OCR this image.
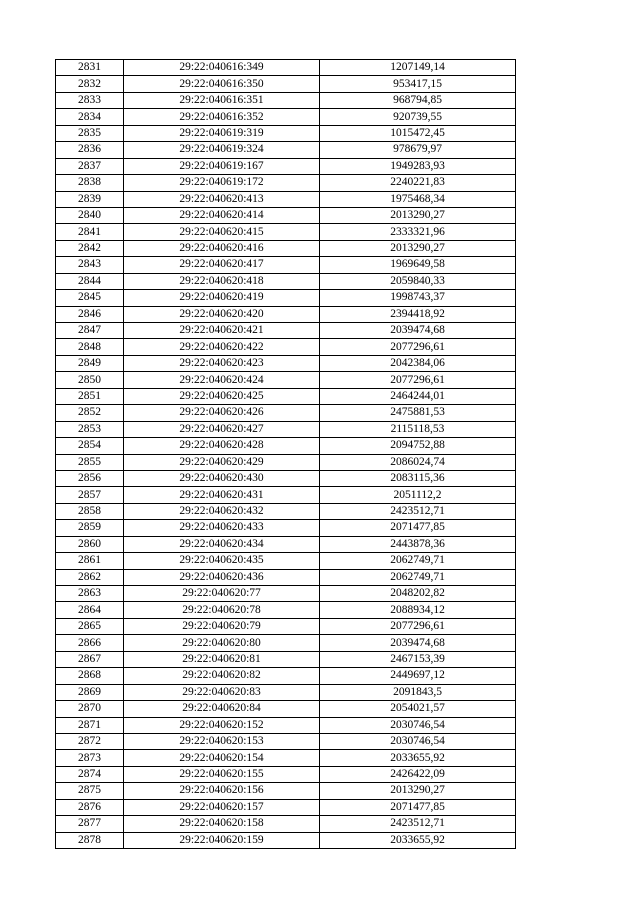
2831	29:22:040616:349	1207149,14
2832	29:22:040616:350	953417,15
2833	29:22:040616:351	968794,85
2834	29:22:040616:352	920739,55
2835	29:22:040619:319	1015472,45
2836	29:22:040619:324	978679,97
2837	29:22:040619:167	1949283,93
2838	29:22:040619:172	2240221,83
2839	29:22:040620:413	1975468,34
2840	29:22:040620:414	2013290,27
2841	29:22:040620:415	2333321,96
2842	29:22:040620:416	2013290,27
2843	29:22:040620:417	1969649,58
2844	29:22:040620:418	2059840,33
2845	29:22:040620:419	1998743,37
2846	29:22:040620:420	2394418,92
2847	29:22:040620:421	2039474,68
2848	29:22:040620:422	2077296,61
2849	29:22:040620:423	2042384,06
2850	29:22:040620:424	2077296,61
2851	29:22:040620:425	2464244,01
2852	29:22:040620:426	2475881,53
2853	29:22:040620:427	2115118,53
2854	29:22:040620:428	2094752,88
2855	29:22:040620:429	2086024,74
2856	29:22:040620:430	2083115,36
2857	29:22:040620:431	2051112,2
2858	29:22:040620:432	2423512,71
2859	29:22:040620:433	2071477,85
2860	29:22:040620:434	2443878,36
2861	29:22:040620:435	2062749,71
2862	29:22:040620:436	2062749,71
2863	29:22:040620:77	2048202,82
2864	29:22:040620:78	2088934,12
2865	29:22:040620:79	2077296,61
2866	29:22:040620:80	2039474,68
2867	29:22:040620:81	2467153,39
2868	29:22:040620:82	2449697,12
2869	29:22:040620:83	2091843,5
2870	29:22:040620:84	2054021,57
2871	29:22:040620:152	2030746,54
2872	29:22:040620:153	2030746,54
2873	29:22:040620:154	2033655,92
2874	29:22:040620:155	2426422,09
2875	29:22:040620:156	2013290,27
2876	29:22:040620:157	2071477,85
2877	29:22:040620:158	2423512,71
2878	29:22:040620:159	2033655,92
